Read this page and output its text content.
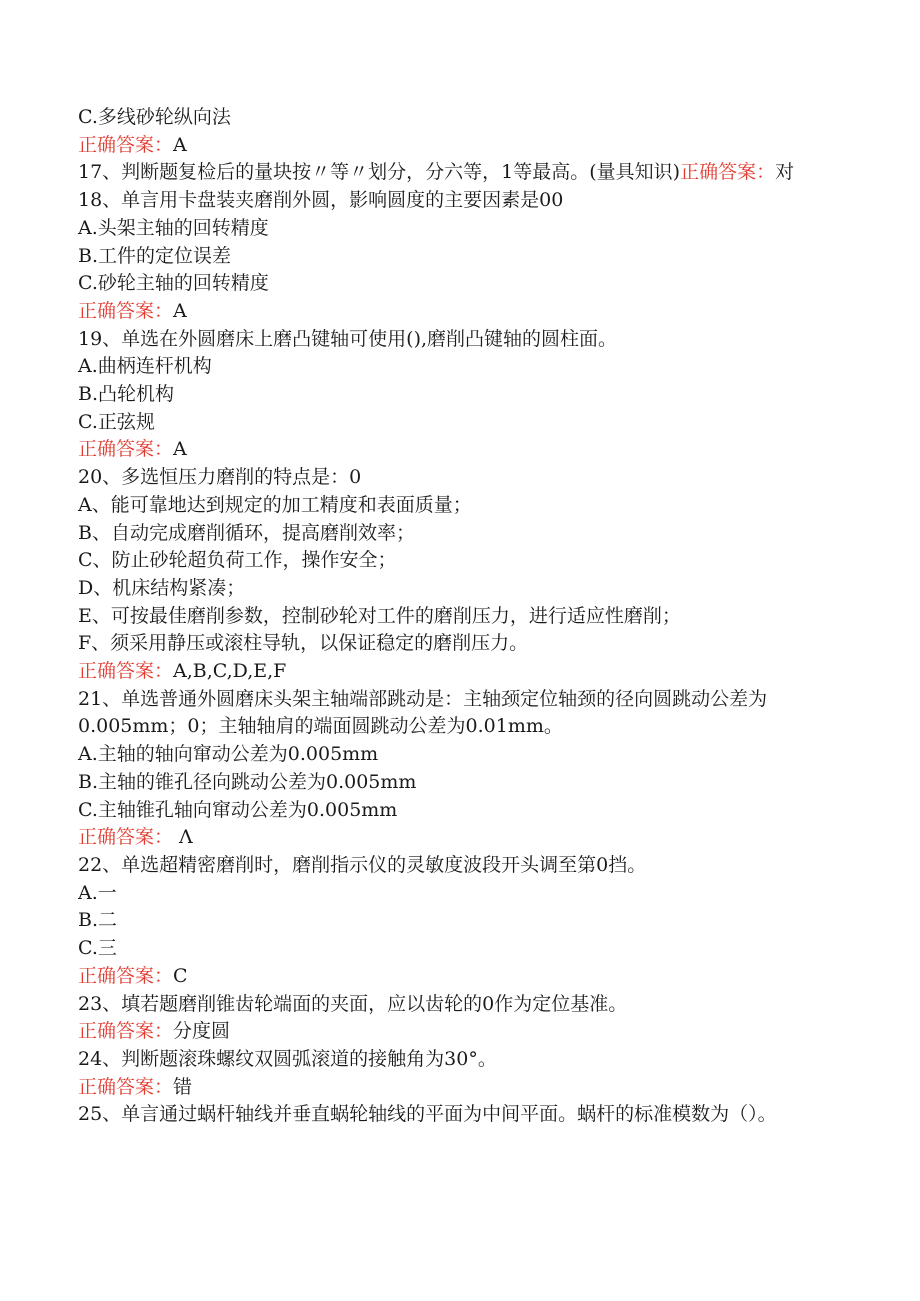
C.多线砂轮纵向法
正确答案：A
17、判断题复检后的量块按〃等〃划分，分六等，1等最高。(量具知识)正确答案：对
18、单言用卡盘装夹磨削外圆，影响圆度的主要因素是00
A.头架主轴的回转精度
B.工件的定位误差
C.砂轮主轴的回转精度
正确答案：A
19、单选在外圆磨床上磨凸键轴可使用(),磨削凸键轴的圆柱面。
A.曲柄连杆机构
B.凸轮机构
C.正弦规
正确答案：A
20、多选恒压力磨削的特点是：0
A、能可靠地达到规定的加工精度和表面质量；
B、自动完成磨削循环，提高磨削效率；
C、防止砂轮超负荷工作，操作安全；
D、机床结构紧凑；
E、可按最佳磨削参数，控制砂轮对工件的磨削压力，进行适应性磨削；
F、须采用静压或滚柱导轨，以保证稳定的磨削压力。
正确答案：A,B,C,D,E,F
21、单选普通外圆磨床头架主轴端部跳动是：主轴颈定位轴颈的径向圆跳动公差为0.005mm；0；主轴轴肩的端面圆跳动公差为0.01mm。
A.主轴的轴向窜动公差为0.005mm
B.主轴的锥孔径向跳动公差为0.005mm
C.主轴锥孔轴向窜动公差为0.005mm
正确答案： Λ
22、单选超精密磨削时，磨削指示仪的灵敏度波段开头调至第0挡。
A.一
B.二
C.三
正确答案：C
23、填若题磨削锥齿轮端面的夹面，应以齿轮的0作为定位基准。
正确答案：分度圆
24、判断题滚珠螺纹双圆弧滚道的接触角为30°。
正确答案：错
25、单言通过蜗杆轴线并垂直蜗轮轴线的平面为中间平面。蜗杆的标准模数为（）。
